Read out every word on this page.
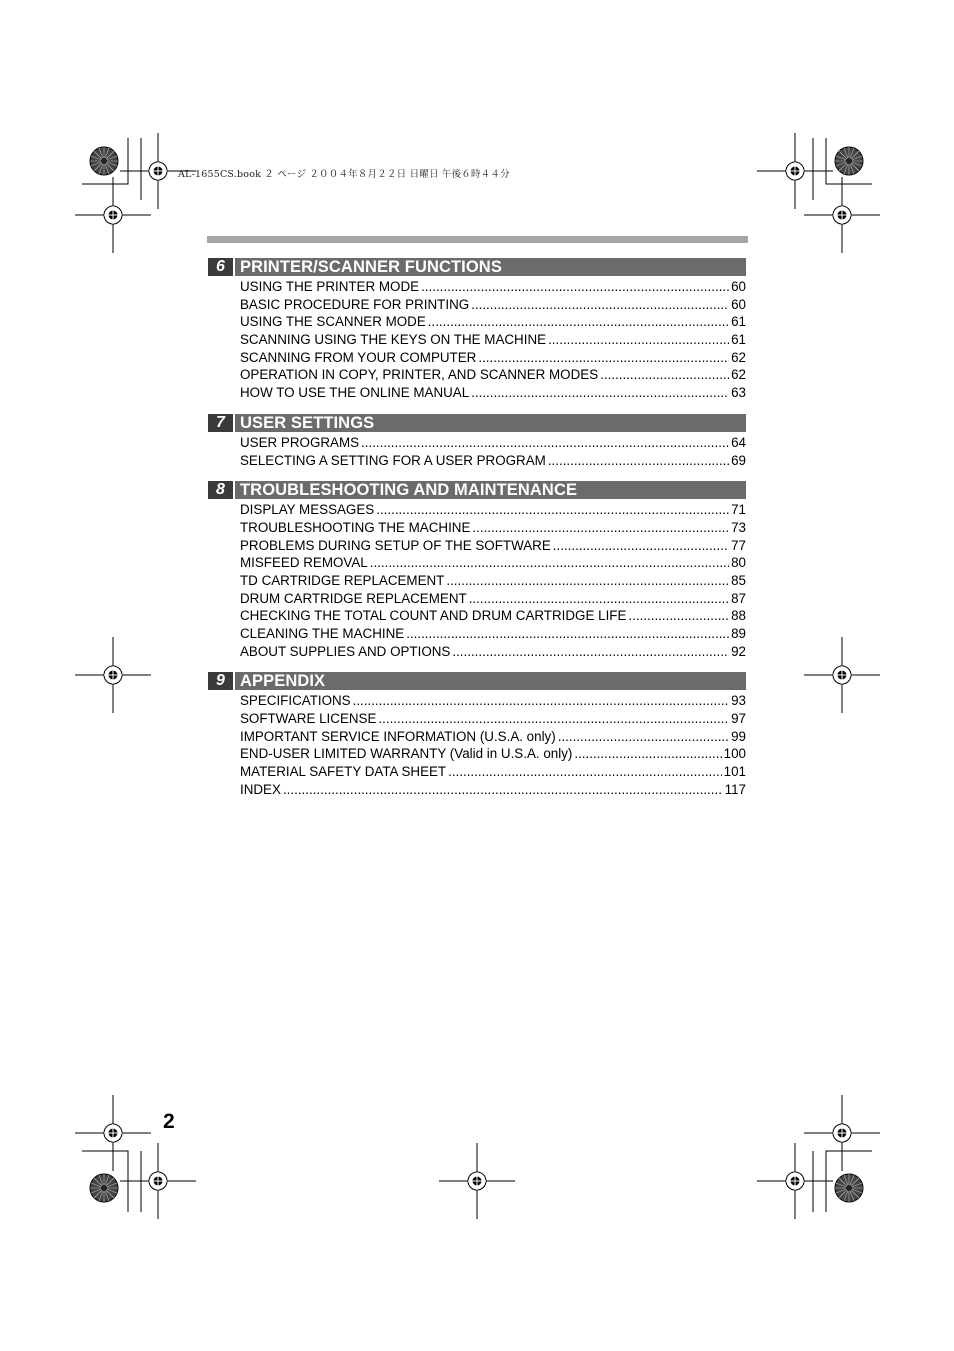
AL-1655CS.book ２ ページ ２００４年８月２２日 日曜日 午後６時４４分
6 PRINTER/SCANNER FUNCTIONS
USING THE PRINTER MODE .....	60
BASIC PROCEDURE FOR PRINTING .....	60
USING THE SCANNER MODE .....	61
SCANNING USING THE KEYS ON THE MACHINE .....	61
SCANNING FROM YOUR COMPUTER .....	62
OPERATION IN COPY, PRINTER, AND SCANNER MODES .....	62
HOW TO USE THE ONLINE MANUAL .....	63
7 USER SETTINGS
USER PROGRAMS .....	64
SELECTING A SETTING FOR A USER PROGRAM .....	69
8 TROUBLESHOOTING AND MAINTENANCE
DISPLAY MESSAGES .....	71
TROUBLESHOOTING THE MACHINE .....	73
PROBLEMS DURING SETUP OF THE SOFTWARE .....	77
MISFEED REMOVAL .....	80
TD CARTRIDGE REPLACEMENT .....	85
DRUM CARTRIDGE REPLACEMENT .....	87
CHECKING THE TOTAL COUNT AND DRUM CARTRIDGE LIFE .....	88
CLEANING THE MACHINE .....	89
ABOUT SUPPLIES AND OPTIONS .....	92
9 APPENDIX
SPECIFICATIONS .....	93
SOFTWARE LICENSE .....	97
IMPORTANT SERVICE INFORMATION (U.S.A. only) .....	99
END-USER LIMITED WARRANTY (Valid in U.S.A. only) .....	100
MATERIAL SAFETY DATA SHEET .....	101
INDEX .....	117
2
